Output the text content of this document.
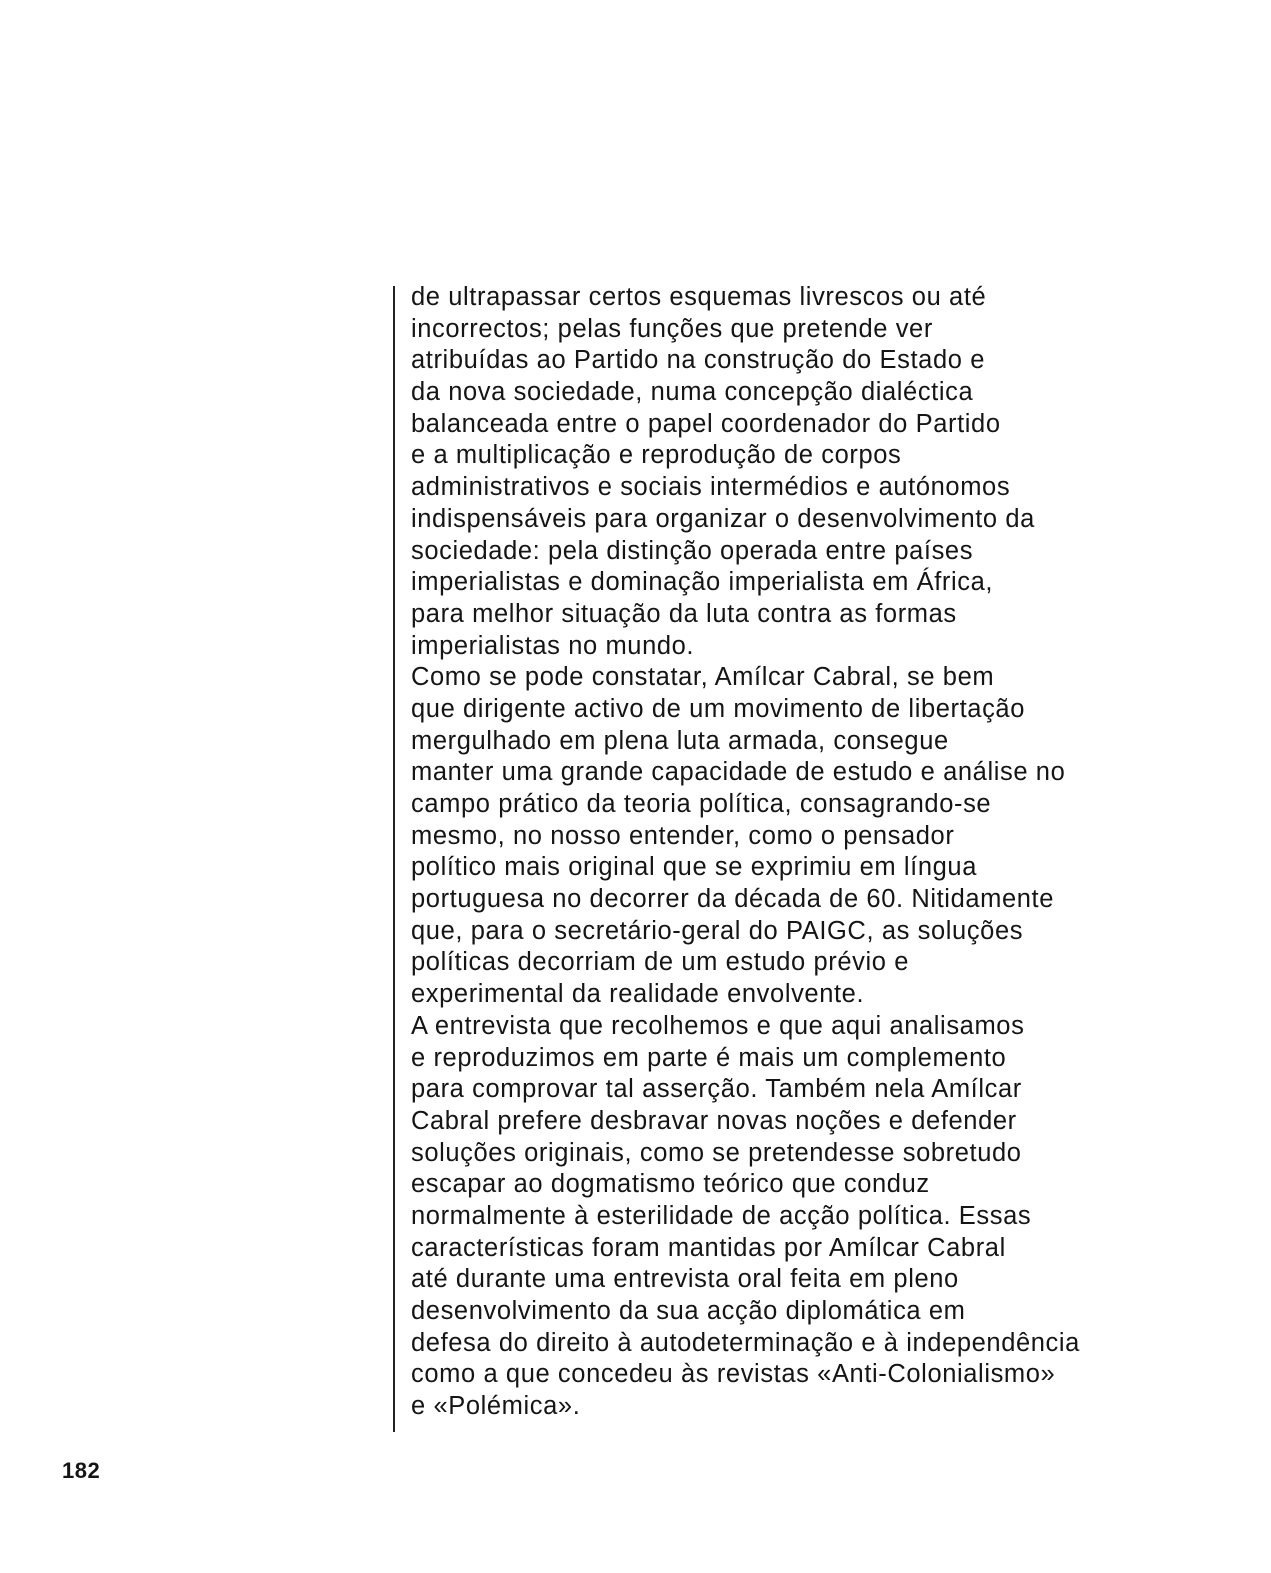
de ultrapassar certos esquemas livrescos ou até
incorrectos; pelas funções que pretende ver
atribuídas ao Partido na construção do Estado e
da nova sociedade, numa concepção dialéctica
balanceada entre o papel coordenador do Partido
e a multiplicação e reprodução de corpos
administrativos e sociais intermédios e autónomos
indispensáveis para organizar o desenvolvimento da
sociedade: pela distinção operada entre países
imperialistas e dominação imperialista em África,
para melhor situação da luta contra as formas
imperialistas no mundo.
Como se pode constatar, Amílcar Cabral, se bem
que dirigente activo de um movimento de libertação
mergulhado em plena luta armada, consegue
manter uma grande capacidade de estudo e análise no
campo prático da teoria política, consagrando-se
mesmo, no nosso entender, como o pensador
político mais original que se exprimiu em língua
portuguesa no decorrer da década de 60. Nitidamente
que, para o secretário-geral do PAIGC, as soluções
políticas decorriam de um estudo prévio e
experimental da realidade envolvente.
A entrevista que recolhemos e que aqui analisamos
e reproduzimos em parte é mais um complemento
para comprovar tal asserção. Também nela Amílcar
Cabral prefere desbravar novas noções e defender
soluções originais, como se pretendesse sobretudo
escapar ao dogmatismo teórico que conduz
normalmente à esterilidade de acção política. Essas
características foram mantidas por Amílcar Cabral
até durante uma entrevista oral feita em pleno
desenvolvimento da sua acção diplomática em
defesa do direito à autodeterminação e à independência
como a que concedeu às revistas «Anti-Colonialismo»
e «Polémica».
182
